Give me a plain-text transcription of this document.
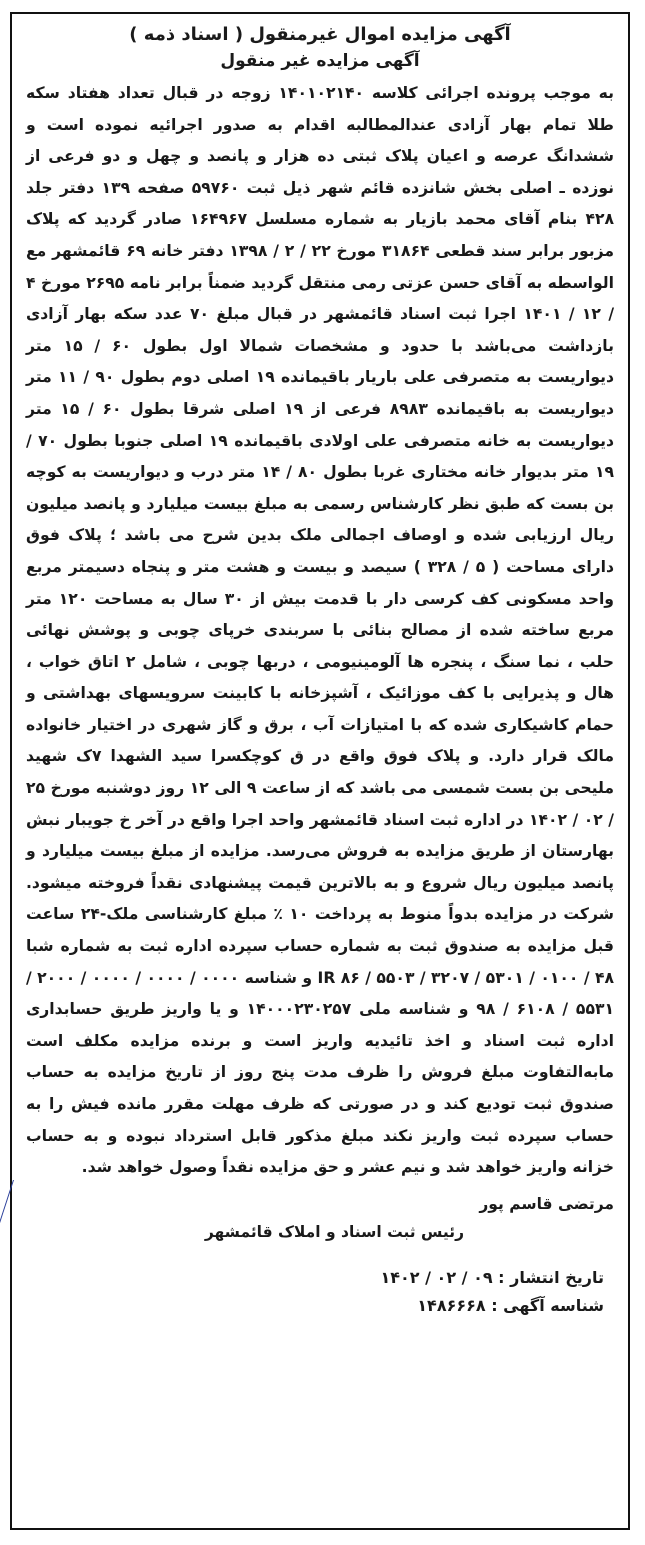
آگهی مزایده اموال غیرمنقول ( اسناد ذمه )

آگهی مزایده غیر منقول

به موجب پرونده اجرائی کلاسه ۱۴۰۱۰۲۱۴۰ زوجه در قبال تعداد هفتاد سکه طلا تمام بهار آزادی عندالمطالبه اقدام به صدور اجرائیه نموده است و ششدانگ عرصه و اعیان پلاک ثبتی ده هزار و پانصد و چهل و دو فرعی از نوزده ـ اصلی بخش شانزده قائم شهر ذیل ثبت ۵۹۷۶۰ صفحه ۱۳۹ دفتر جلد ۴۲۸ بنام آقای محمد بازیار به شماره مسلسل ۱۶۴۹۶۷ صادر گردید که پلاک مزبور برابر سند قطعی ۳۱۸۶۴ مورخ ۲۲ / ۲ / ۱۳۹۸ دفتر خانه ۶۹ قائمشهر مع الواسطه به آقای حسن عزتی رمی منتقل گردید ضمناً برابر نامه ۲۶۹۵ مورخ ۴ / ۱۲ / ۱۴۰۱ اجرا ثبت اسناد قائمشهر در قبال مبلغ ۷۰ عدد سکه بهار آزادی بازداشت می‌باشد با حدود و مشخصات شمالا اول بطول ۶۰ / ۱۵ متر دیواریست به متصرفی علی باریار باقیمانده ۱۹ اصلی دوم بطول ۹۰ / ۱۱ متر دیواریست به باقیمانده ۸۹۸۳ فرعی از ۱۹ اصلی شرقا بطول ۶۰ / ۱۵ متر دیواریست به خانه متصرفی علی اولادی باقیمانده ۱۹ اصلی جنوبا بطول ۷۰ / ۱۹ متر بدیوار خانه مختاری غربا بطول ۸۰ / ۱۴ متر درب و دیواریست به کوچه بن بست که طبق نظر کارشناس رسمی به مبلغ بیست میلیارد و پانصد میلیون ریال ارزیابی شده و اوصاف اجمالی ملک بدین شرح می باشد ؛ پلاک فوق دارای مساحت ( ۵ / ۳۲۸ ) سیصد و بیست و هشت متر و پنجاه دسیمتر مربع واحد مسکونی کف کرسی دار با قدمت بیش از ۳۰ سال به مساحت ۱۲۰ متر مربع ساخته شده از مصالح بنائی با سربندی خرپای چوبی و پوشش نهائی حلب ، نما سنگ ، پنجره ها آلومینیومی ، دربها چوبی ، شامل ۲ اتاق خواب ، هال و پذیرایی با کف موزائیک ، آشپزخانه با کابینت سرویسهای بهداشتی و حمام کاشیکاری شده که با امتیازات آب ، برق و گاز شهری در اختیار خانواده مالک قرار دارد. و پلاک فوق واقع در ق کوچکسرا سید الشهدا ۷ک شهید ملیحی بن بست شمسی می باشد که از ساعت ۹ الی ۱۲ روز دوشنبه مورخ ۲۵ / ۰۲ / ۱۴۰۲ در اداره ثبت اسناد قائمشهر واحد اجرا واقع در آخر خ جویبار نبش بهارستان از طریق مزایده به فروش می‌رسد. مزایده از مبلغ بیست میلیارد و پانصد میلیون ریال شروع و به بالاترین قیمت پیشنهادی نقداً فروخته میشود. شرکت در مزایده بدواً منوط به پرداخت ۱۰ ٪ مبلغ کارشناسی ملک-۲۴ ساعت قبل مزایده به صندوق ثبت به شماره حساب سپرده اداره ثبت به شماره شبا IR ۸۶ / ۵۵۰۳ / ۳۲۰۷ / ۵۳۰۱ / ۰۱۰۰ / ۴۸ و شناسه ۰۰۰۰ / ۰۰۰۰ / ۰۰۰۰ / ۲۰۰۰ / ۵۵۳۱ / ۶۱۰۸ / ۹۸ و شناسه ملی ۱۴۰۰۰۲۳۰۲۵۷ و یا واریز طریق حسابداری اداره ثبت اسناد و اخذ تائیدیه واریز است و برنده مزایده مکلف است مابه‌التفاوت مبلغ فروش را ظرف مدت پنج روز از تاریخ مزایده به حساب صندوق ثبت تودیع کند و در صورتی که ظرف مهلت مقرر مانده فیش را به حساب سپرده ثبت واریز نکند مبلغ مذکور قابل استرداد نبوده و به حساب خزانه واریز خواهد شد و نیم عشر و حق مزایده نقداً وصول خواهد شد.

مرتضی قاسم پور
رئیس ثبت اسناد و املاک قائمشهر
تاریخ انتشار : ۰۹ / ۰۲ / ۱۴۰۲
شناسه آگهی : ۱۴۸۶۶۶۸
